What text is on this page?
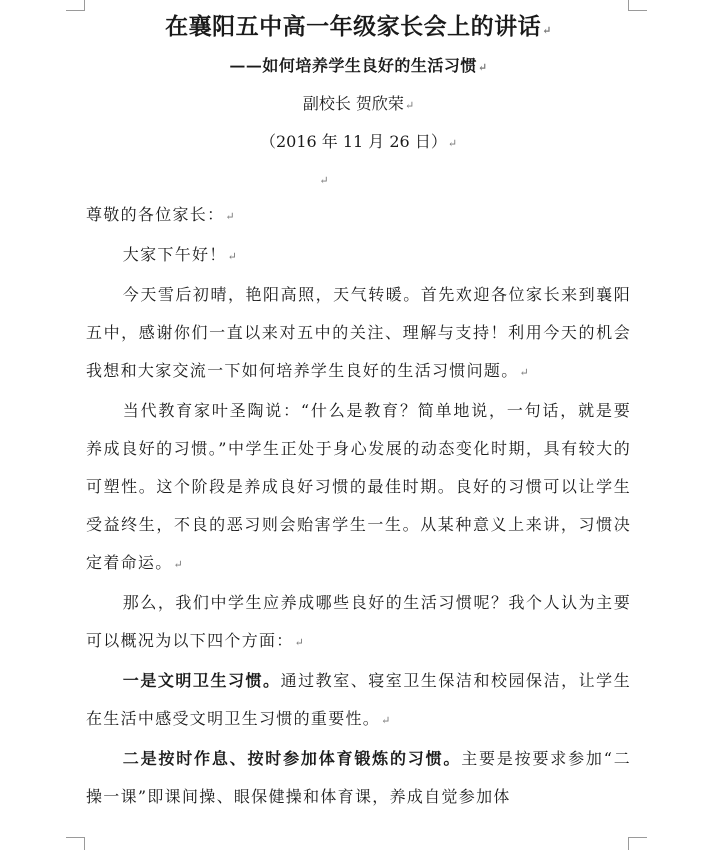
在襄阳五中高一年级家长会上的讲话↵
——如何培养学生良好的生活习惯↵
副校长 贺欣荣↵
（2016 年 11 月 26 日）↵
↵

尊敬的各位家长：↵

大家下午好！↵

今天雪后初晴，艳阳高照，天气转暖。首先欢迎各位家长来到襄阳五中，感谢你们一直以来对五中的关注、理解与支持！利用今天的机会我想和大家交流一下如何培养学生良好的生活习惯问题。↵

当代教育家叶圣陶说：“什么是教育？简单地说，一句话，就是要养成良好的习惯。”中学生正处于身心发展的动态变化时期，具有较大的可塑性。这个阶段是养成良好习惯的最佳时期。良好的习惯可以让学生受益终生，不良的恶习则会贻害学生一生。从某种意义上来讲，习惯决定着命运。↵

那么，我们中学生应养成哪些良好的生活习惯呢？我个人认为主要可以概况为以下四个方面：↵

一是文明卫生习惯。通过教室、寝室卫生保洁和校园保洁，让学生在生活中感受文明卫生习惯的重要性。↵

二是按时作息、按时参加体育锻炼的习惯。主要是按要求参加“二操一课”即课间操、眼保健操和体育课，养成自觉参加体
